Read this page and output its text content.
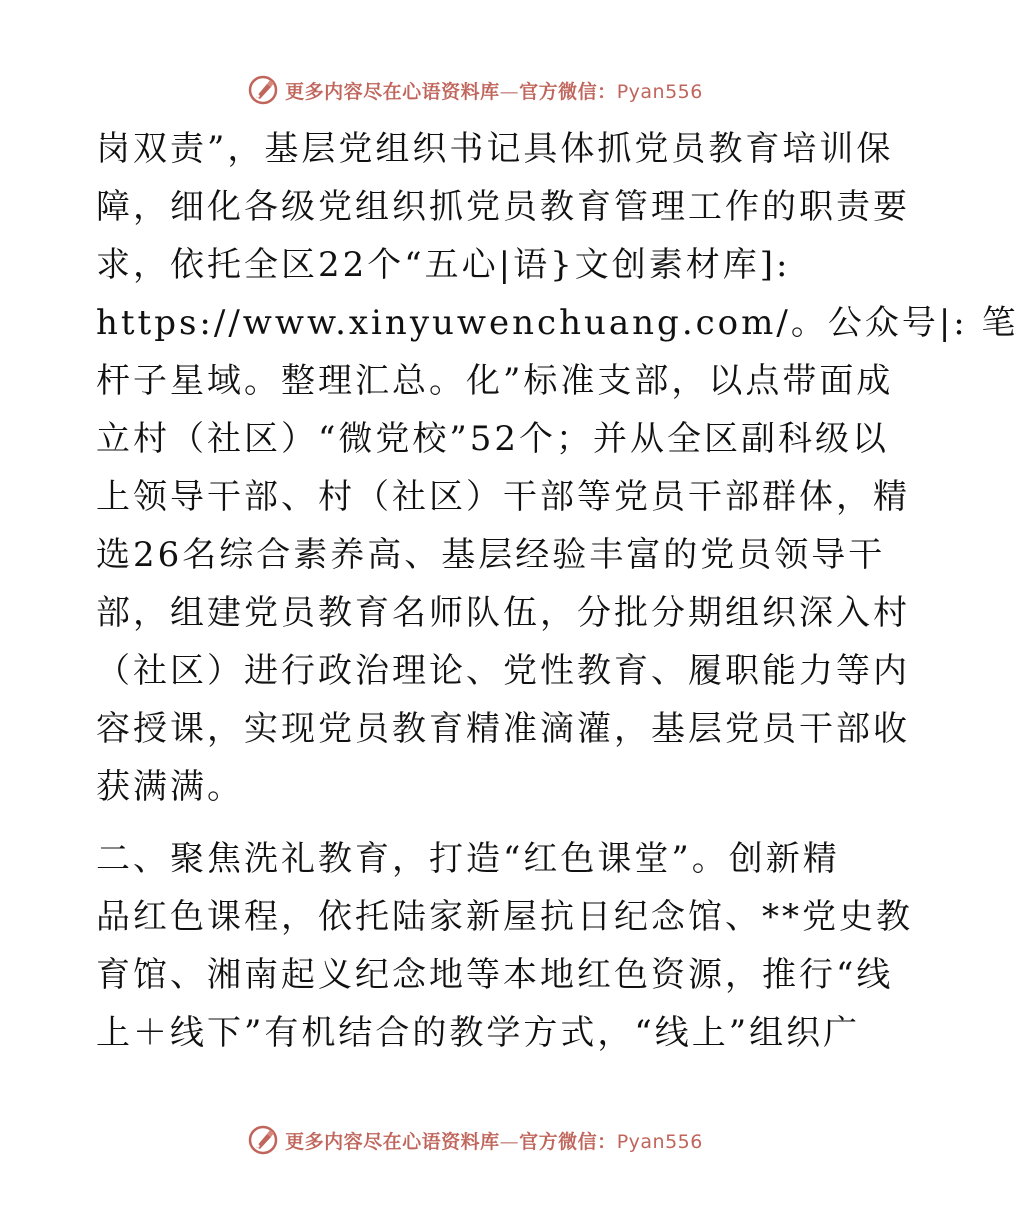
更多内容尽在心语资料库—官方微信：Pyan556
岗双责”，基层党组织书记具体抓党员教育培训保
障，细化各级党组织抓党员教育管理工作的职责要
求，依托全区22个“五心|语}文创素材库]:
https://www.xinyuwenchuang.com/。公众号|: 笔
杆子星域。整理汇总。化”标准支部，以点带面成
立村（社区）“微党校”52个；并从全区副科级以
上领导干部、村（社区）干部等党员干部群体，精
选26名综合素养高、基层经验丰富的党员领导干
部，组建党员教育名师队伍，分批分期组织深入村
（社区）进行政治理论、党性教育、履职能力等内
容授课，实现党员教育精准滴灌，基层党员干部收
获满满。
二、聚焦洗礼教育，打造“红色课堂”。创新精
品红色课程，依托陆家新屋抗日纪念馆、**党史教
育馆、湘南起义纪念地等本地红色资源，推行“线
上＋线下”有机结合的教学方式，“线上”组织广
更多内容尽在心语资料库—官方微信：Pyan556
